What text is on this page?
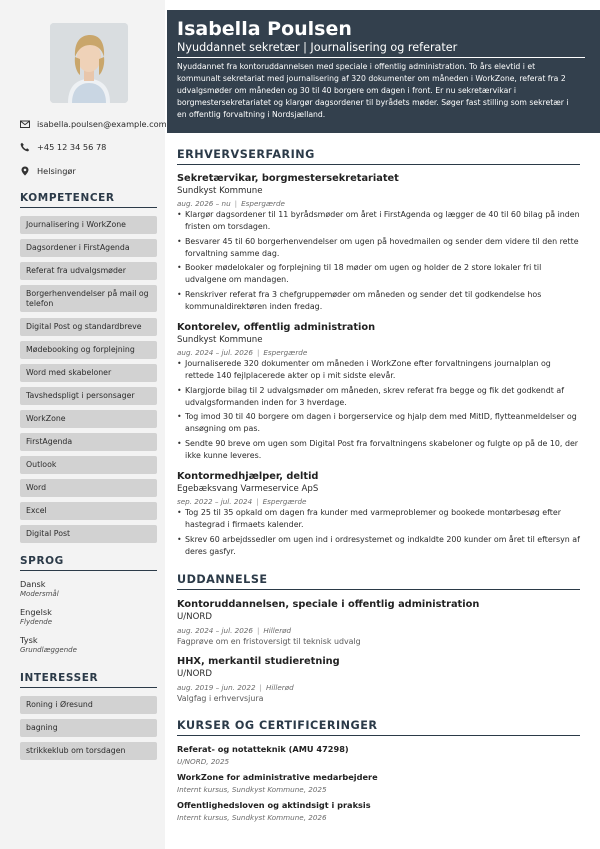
isabella.poulsen@example.com
+45 12 34 56 78
Helsingør
KOMPETENCER
Journalisering i WorkZone
Dagsordener i FirstAgenda
Referat fra udvalgsmøder
Borgerhenvendelser på mail og telefon
Digital Post og standardbreve
Mødebooking og forplejning
Word med skabeloner
Tavshedspligt i personsager
WorkZone
FirstAgenda
Outlook
Word
Excel
Digital Post
SPROG
Dansk
Modersmål
Engelsk
Flydende
Tysk
Grundlæggende
INTERESSER
Roning i Øresund
bagning
strikkeklub om torsdagen
Isabella Poulsen
Nyuddannet sekretær | Journalisering og referater
Nyuddannet fra kontoruddannelsen med speciale i offentlig administration. To års elevtid i et
kommunalt sekretariat med journalisering af 320 dokumenter om måneden i WorkZone, referat fra 2
udvalgsmøder om måneden og 30 til 40 borgere om dagen i front. Er nu sekretærvikar i
borgmestersekretariatet og klargør dagsordener til byrådets møder. Søger fast stilling som sekretær i
en offentlig forvaltning i Nordsjælland.
ERHVERVSERFARING
Sekretærvikar, borgmestersekretariatet
Sundkyst Kommune
aug. 2026 – nu | Espergærde
• Klargør dagsordener til 11 byrådsmøder om året i FirstAgenda og lægger de 40 til 60 bilag på inden fristen om torsdagen.
• Besvarer 45 til 60 borgerhenvendelser om ugen på hovedmailen og sender dem videre til den rette forvaltning samme dag.
• Booker mødelokaler og forplejning til 18 møder om ugen og holder de 2 store lokaler fri til udvalgene om mandagen.
• Renskriver referat fra 3 chefgruppemøder om måneden og sender det til godkendelse hos kommunaldirektøren inden fredag.
Kontorelev, offentlig administration
Sundkyst Kommune
aug. 2024 – jul. 2026 | Espergærde
• Journaliserede 320 dokumenter om måneden i WorkZone efter forvaltningens journalplan og rettede 140 fejlplacerede akter op i mit sidste elevår.
• Klargjorde bilag til 2 udvalgsmøder om måneden, skrev referat fra begge og fik det godkendt af udvalgsformanden inden for 3 hverdage.
• Tog imod 30 til 40 borgere om dagen i borgerservice og hjalp dem med MitID, flytteanmeldelser og ansøgning om pas.
• Sendte 90 breve om ugen som Digital Post fra forvaltningens skabeloner og fulgte op på de 10, der ikke kunne leveres.
Kontormedhjælper, deltid
Egebæksvang Varmeservice ApS
sep. 2022 – jul. 2024 | Espergærde
• Tog 25 til 35 opkald om dagen fra kunder med varmeproblemer og bookede montørbesøg efter hastegrad i firmaets kalender.
• Skrev 60 arbejdssedler om ugen ind i ordresystemet og indkaldte 200 kunder om året til eftersyn af deres gasfyr.
UDDANNELSE
Kontoruddannelsen, speciale i offentlig administration
U/NORD
aug. 2024 – jul. 2026 | Hillerød
Fagprøve om en fristoversigt til teknisk udvalg
HHX, merkantil studieretning
U/NORD
aug. 2019 – jun. 2022 | Hillerød
Valgfag i erhvervsjura
KURSER OG CERTIFICERINGER
Referat- og notatteknik (AMU 47298)
U/NORD, 2025
WorkZone for administrative medarbejdere
Internt kursus, Sundkyst Kommune, 2025
Offentlighedsloven og aktindsigt i praksis
Internt kursus, Sundkyst Kommune, 2026
